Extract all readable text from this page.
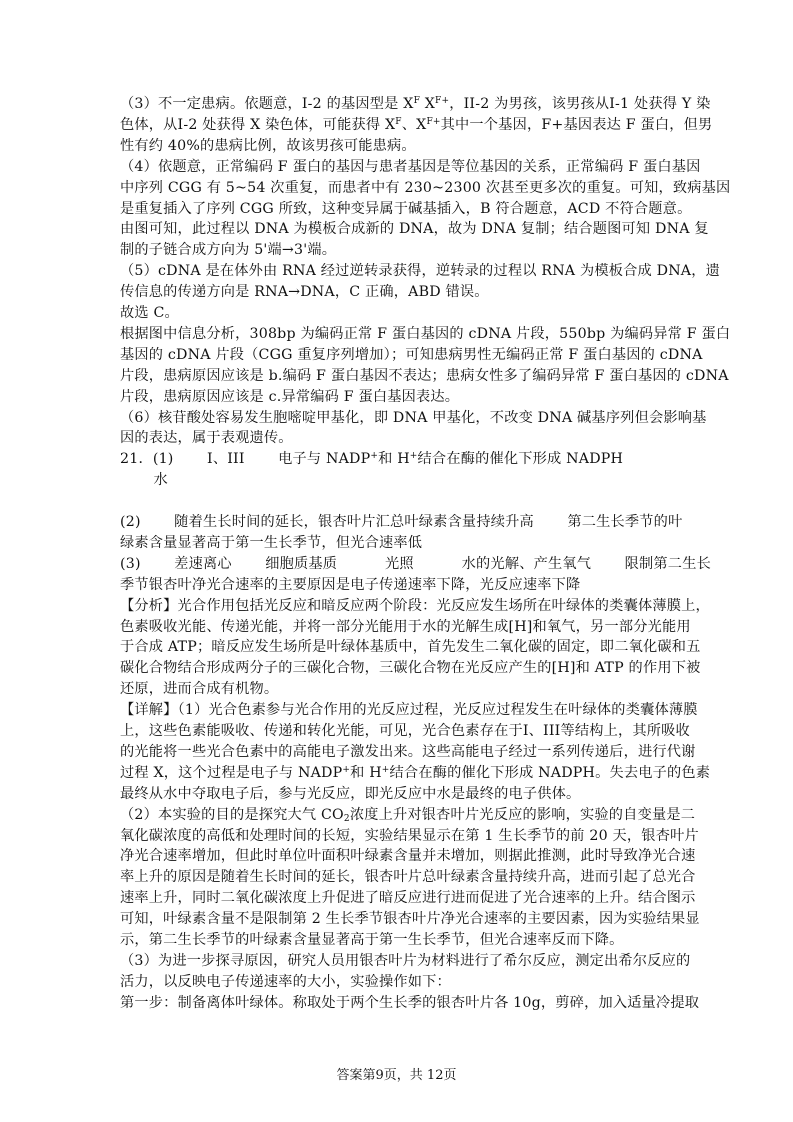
（3）不一定患病。依题意，I-2 的基因型是 $X^F$ $X^{F+}$，II-2 为男孩，该男孩从I-1 处获得 Y 染
色体，从I-2 处获得 X 染色体，可能获得 $X^F$、$X^{F+}$其中一个基因，F+基因表达 F 蛋白，但男
性有约 40%的患病比例，故该男孩可能患病。
（4）依题意，正常编码 F 蛋白的基因与患者基因是等位基因的关系，正常编码 F 蛋白基因
中序列 CGG 有 5~54 次重复，而患者中有 230~2300 次甚至更多次的重复。可知，致病基因
是重复插入了序列 CGG 所致，这种变异属于碱基插入，B 符合题意，ACD 不符合题意。
由图可知，此过程以 DNA 为模板合成新的 DNA，故为 DNA 复制；结合题图可知 DNA 复
制的子链合成方向为 5'端→3'端。
（5）cDNA 是在体外由 RNA 经过逆转录获得，逆转录的过程以 RNA 为模板合成 DNA，遗
传信息的传递方向是 RNA→DNA，C 正确，ABD 错误。
故选 C。
根据图中信息分析，308bp 为编码正常 F 蛋白基因的 cDNA 片段，550bp 为编码异常 F 蛋白
基因的 cDNA 片段（CGG 重复序列增加）；可知患病男性无编码正常 F 蛋白基因的 cDNA
片段，患病原因应该是 b.编码 F 蛋白基因不表达；患病女性多了编码异常 F 蛋白基因的 cDNA
片段，患病原因应该是 c.异常编码 F 蛋白基因表达。
（6）核苷酸处容易发生胞嘧啶甲基化，即 DNA 甲基化，不改变 DNA 碱基序列但会影响基
因的表达，属于表观遗传。
21．(1)　　 I、III　　 电子与 NADP+和 H+结合在酶的催化下形成 NADPH
　　 水
(2)　　 随着生长时间的延长，银杏叶片汇总叶绿素含量持续升高　　 第二生长季节的叶
绿素含量显著高于第一生长季节，但光合速率低
(3)　　 差速离心　　 细胞质基质　　　 光照　　　 水的光解、产生氧气　　 限制第二生长
季节银杏叶净光合速率的主要原因是电子传递速率下降，光反应速率下降
【分析】光合作用包括光反应和暗反应两个阶段：光反应发生场所在叶绿体的类囊体薄膜上，
色素吸收光能、传递光能，并将一部分光能用于水的光解生成[H]和氧气，另一部分光能用
于合成 ATP；暗反应发生场所是叶绿体基质中，首先发生二氧化碳的固定，即二氧化碳和五
碳化合物结合形成两分子的三碳化合物，三碳化合物在光反应产生的[H]和 ATP 的作用下被
还原，进而合成有机物。
【详解】（1）光合色素参与光合作用的光反应过程，光反应过程发生在叶绿体的类囊体薄膜
上，这些色素能吸收、传递和转化光能，可见，光合色素存在于I、III等结构上，其所吸收
的光能将一些光合色素中的高能电子激发出来。这些高能电子经过一系列传递后，进行代谢
过程 X，这个过程是电子与 NADP+和 H+结合在酶的催化下形成 NADPH。失去电子的色素
最终从水中夺取电子后，参与光反应，即光反应中水是最终的电子供体。
（2）本实验的目的是探究大气 $CO_2$浓度上升对银杏叶片光反应的影响，实验的自变量是二
氧化碳浓度的高低和处理时间的长短，实验结果显示在第 1 生长季节的前 20 天，银杏叶片
净光合速率增加，但此时单位叶面积叶绿素含量并未增加，则据此推测，此时导致净光合速
率上升的原因是随着生长时间的延长，银杏叶片总叶绿素含量持续升高，进而引起了总光合
速率上升，同时二氧化碳浓度上升促进了暗反应进行进而促进了光合速率的上升。结合图示
可知，叶绿素含量不是限制第 2 生长季节银杏叶片净光合速率的主要因素，因为实验结果显
示，第二生长季节的叶绿素含量显著高于第一生长季节，但光合速率反而下降。
（3）为进一步探寻原因，研究人员用银杏叶片为材料进行了希尔反应，测定出希尔反应的
活力，以反映电子传递速率的大小，实验操作如下：
第一步：制备离体叶绿体。称取处于两个生长季的银杏叶片各 10g，剪碎，加入适量冷提取
答案第9页，共 12页
